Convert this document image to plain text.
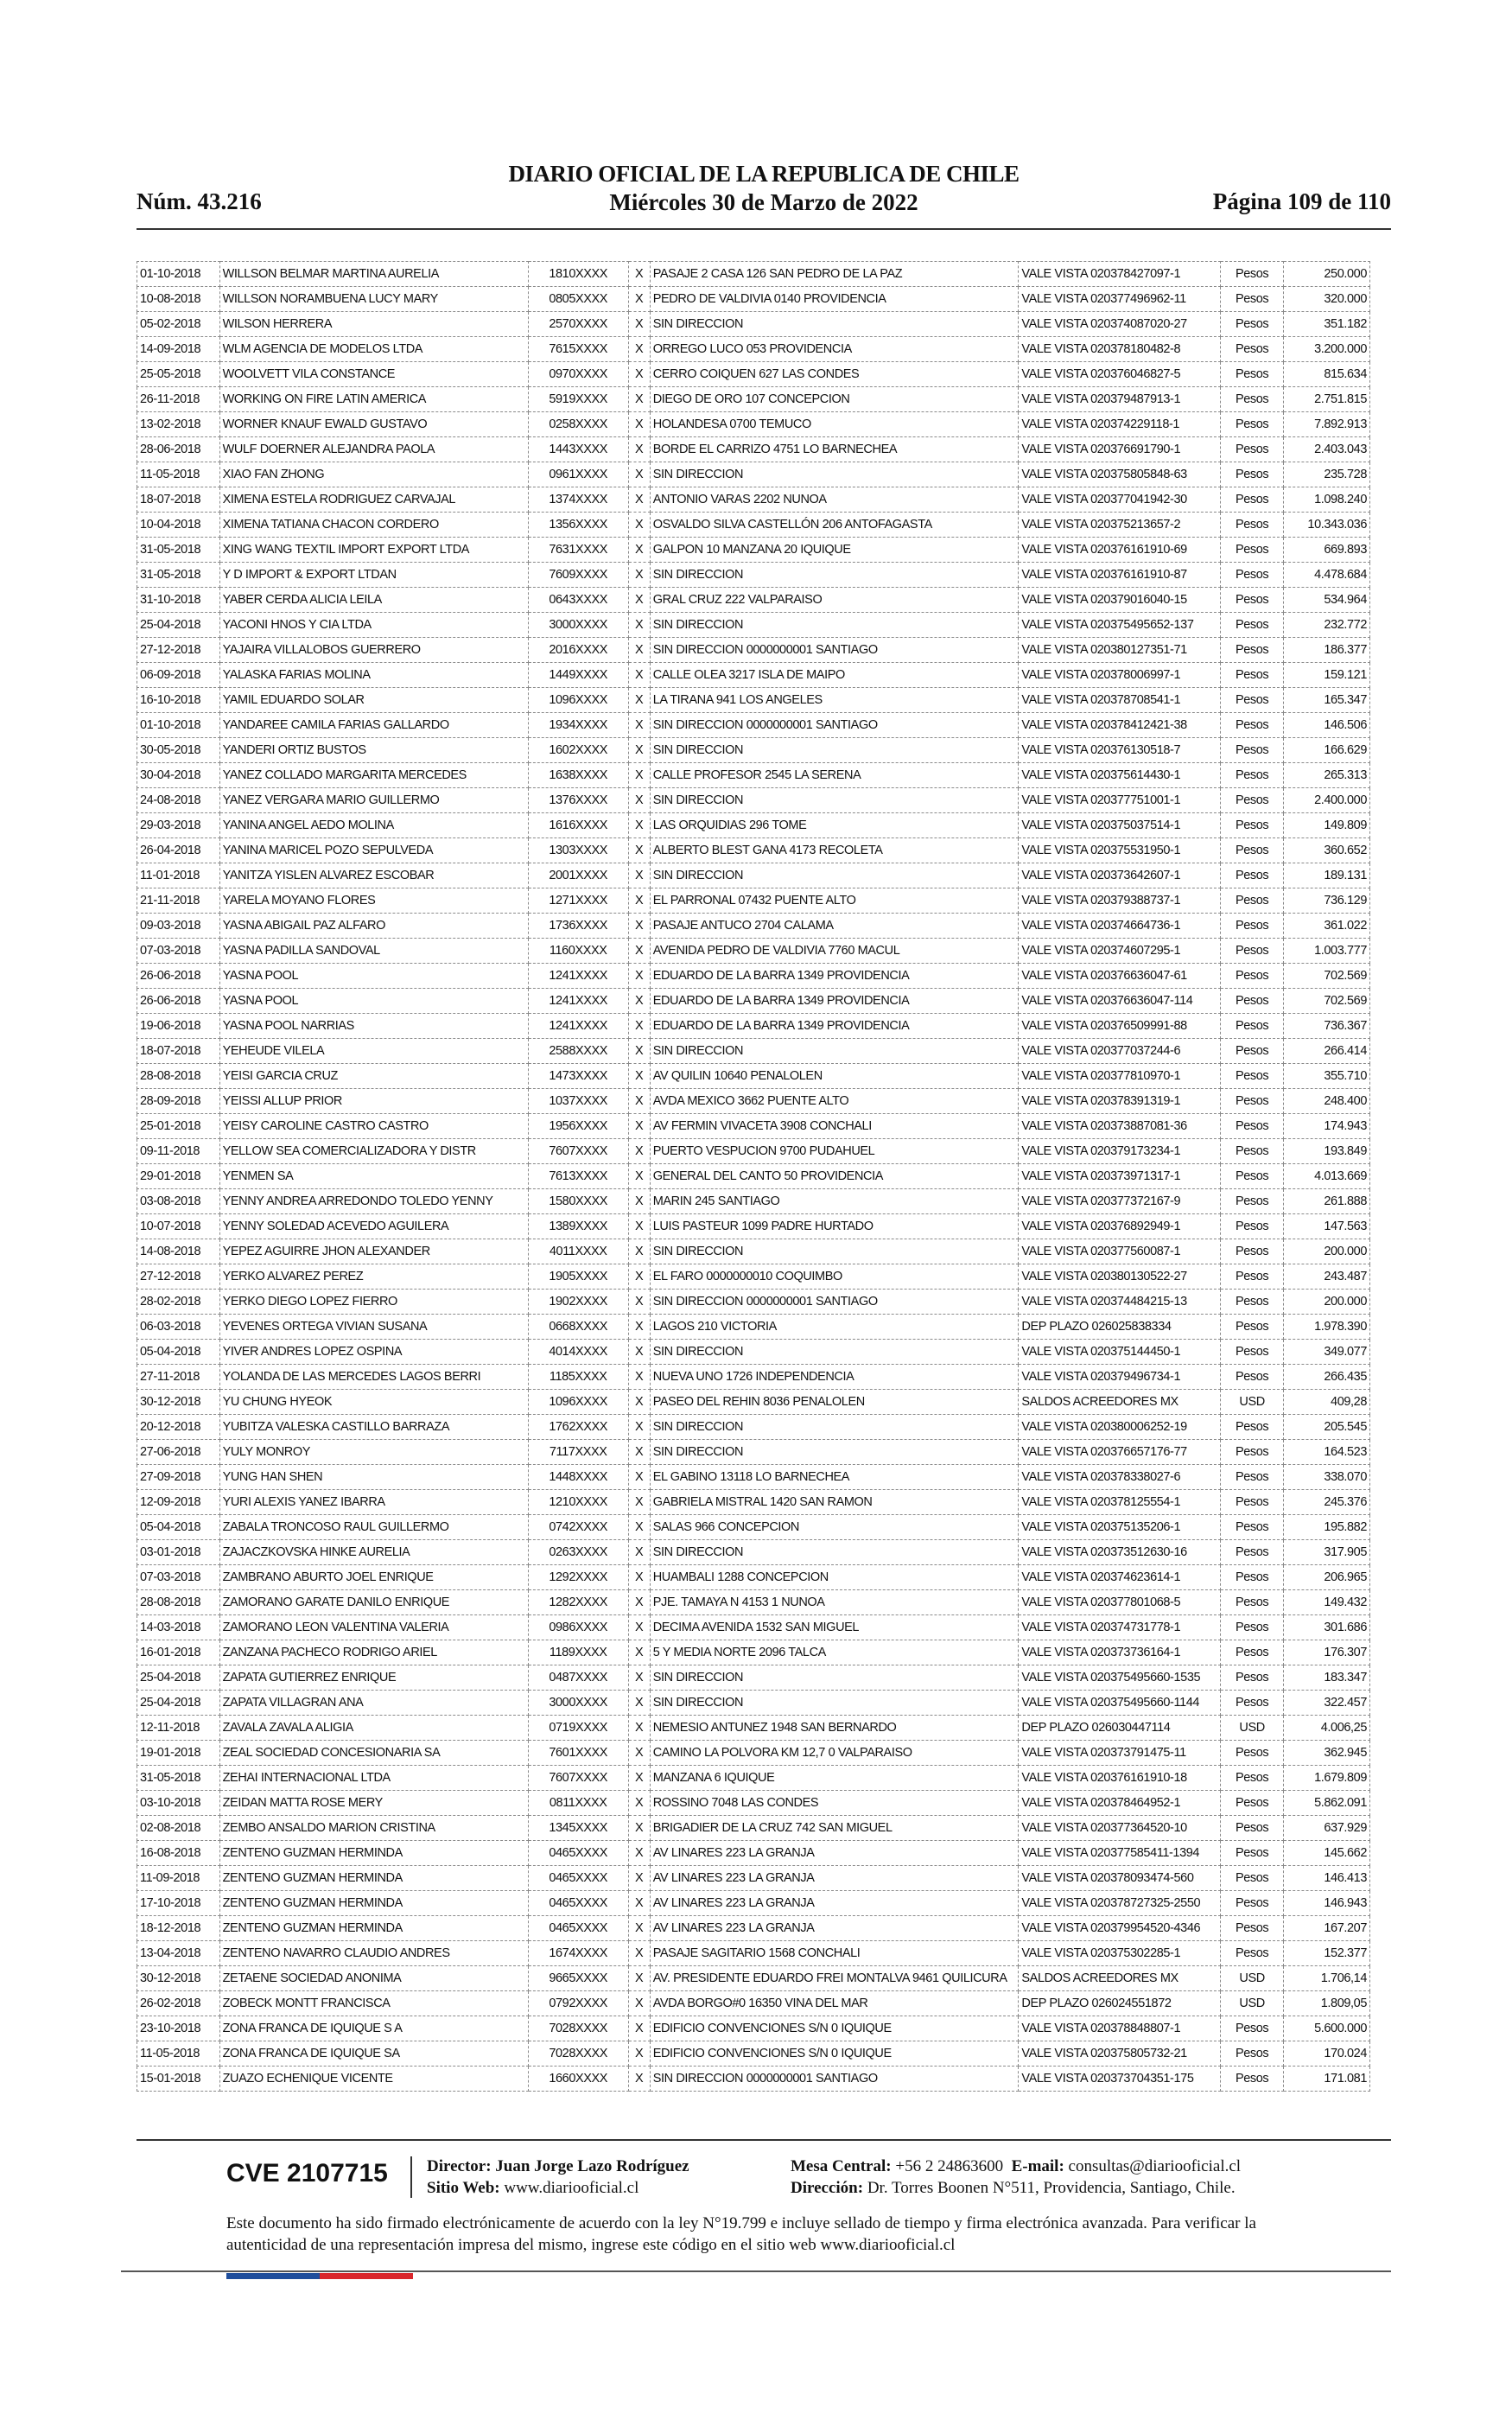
Núm. 43.216
DIARIO OFICIAL DE LA REPUBLICA DE CHILE
Miércoles 30 de Marzo de 2022	Página 109 de 110
01-10-2018	WILLSON BELMAR MARTINA AURELIA	1810XXXX	X	PASAJE 2 CASA 126 SAN PEDRO DE LA PAZ	VALE VISTA 020378427097-1	Pesos	250.000
10-08-2018	WILLSON NORAMBUENA LUCY MARY	0805XXXX	X	PEDRO DE VALDIVIA 0140 PROVIDENCIA	VALE VISTA 020377496962-11	Pesos	320.000
05-02-2018	WILSON HERRERA	2570XXXX	X	SIN DIRECCION	VALE VISTA 020374087020-27	Pesos	351.182
14-09-2018	WLM AGENCIA DE MODELOS LTDA	7615XXXX	X	ORREGO LUCO 053 PROVIDENCIA	VALE VISTA 020378180482-8	Pesos	3.200.000
25-05-2018	WOOLVETT VILA CONSTANCE	0970XXXX	X	CERRO COIQUEN 627 LAS CONDES	VALE VISTA 020376046827-5	Pesos	815.634
26-11-2018	WORKING ON FIRE LATIN AMERICA	5919XXXX	X	DIEGO DE ORO 107 CONCEPCION	VALE VISTA 020379487913-1	Pesos	2.751.815
13-02-2018	WORNER KNAUF EWALD GUSTAVO	0258XXXX	X	HOLANDESA 0700 TEMUCO	VALE VISTA 020374229118-1	Pesos	7.892.913
28-06-2018	WULF DOERNER ALEJANDRA PAOLA	1443XXXX	X	BORDE EL CARRIZO 4751 LO BARNECHEA	VALE VISTA 020376691790-1	Pesos	2.403.043
11-05-2018	XIAO FAN ZHONG	0961XXXX	X	SIN DIRECCION	VALE VISTA 020375805848-63	Pesos	235.728
18-07-2018	XIMENA ESTELA RODRIGUEZ CARVAJAL	1374XXXX	X	ANTONIO VARAS 2202 NUNOA	VALE VISTA 020377041942-30	Pesos	1.098.240
10-04-2018	XIMENA TATIANA CHACON CORDERO	1356XXXX	X	OSVALDO SILVA CASTELLÓN 206 ANTOFAGASTA	VALE VISTA 020375213657-2	Pesos	10.343.036
31-05-2018	XING WANG TEXTIL IMPORT EXPORT LTDA	7631XXXX	X	GALPON 10 MANZANA 20 IQUIQUE	VALE VISTA 020376161910-69	Pesos	669.893
31-05-2018	Y D IMPORT & EXPORT LTDAN	7609XXXX	X	SIN DIRECCION	VALE VISTA 020376161910-87	Pesos	4.478.684
31-10-2018	YABER CERDA ALICIA LEILA	0643XXXX	X	GRAL CRUZ 222 VALPARAISO	VALE VISTA 020379016040-15	Pesos	534.964
25-04-2018	YACONI HNOS Y CIA LTDA	3000XXXX	X	SIN DIRECCION	VALE VISTA 020375495652-137	Pesos	232.772
27-12-2018	YAJAIRA VILLALOBOS GUERRERO	2016XXXX	X	SIN DIRECCION 0000000001 SANTIAGO	VALE VISTA 020380127351-71	Pesos	186.377
06-09-2018	YALASKA FARIAS MOLINA	1449XXXX	X	CALLE OLEA 3217 ISLA DE MAIPO	VALE VISTA 020378006997-1	Pesos	159.121
16-10-2018	YAMIL EDUARDO SOLAR	1096XXXX	X	LA TIRANA 941 LOS ANGELES	VALE VISTA 020378708541-1	Pesos	165.347
01-10-2018	YANDAREE CAMILA FARIAS GALLARDO	1934XXXX	X	SIN DIRECCION 0000000001 SANTIAGO	VALE VISTA 020378412421-38	Pesos	146.506
30-05-2018	YANDERI ORTIZ BUSTOS	1602XXXX	X	SIN DIRECCION	VALE VISTA 020376130518-7	Pesos	166.629
30-04-2018	YANEZ COLLADO MARGARITA MERCEDES	1638XXXX	X	CALLE PROFESOR 2545 LA SERENA	VALE VISTA 020375614430-1	Pesos	265.313
24-08-2018	YANEZ VERGARA MARIO GUILLERMO	1376XXXX	X	SIN DIRECCION	VALE VISTA 020377751001-1	Pesos	2.400.000
29-03-2018	YANINA ANGEL AEDO MOLINA	1616XXXX	X	LAS ORQUIDIAS 296 TOME	VALE VISTA 020375037514-1	Pesos	149.809
26-04-2018	YANINA MARICEL POZO SEPULVEDA	1303XXXX	X	ALBERTO BLEST GANA 4173 RECOLETA	VALE VISTA 020375531950-1	Pesos	360.652
11-01-2018	YANITZA YISLEN ALVAREZ ESCOBAR	2001XXXX	X	SIN DIRECCION	VALE VISTA 020373642607-1	Pesos	189.131
21-11-2018	YARELA MOYANO FLORES	1271XXXX	X	EL PARRONAL 07432 PUENTE ALTO	VALE VISTA 020379388737-1	Pesos	736.129
09-03-2018	YASNA ABIGAIL PAZ ALFARO	1736XXXX	X	PASAJE ANTUCO 2704 CALAMA	VALE VISTA 020374664736-1	Pesos	361.022
07-03-2018	YASNA PADILLA SANDOVAL	1160XXXX	X	AVENIDA PEDRO DE VALDIVIA 7760 MACUL	VALE VISTA 020374607295-1	Pesos	1.003.777
26-06-2018	YASNA POOL	1241XXXX	X	EDUARDO DE LA BARRA 1349 PROVIDENCIA	VALE VISTA 020376636047-61	Pesos	702.569
26-06-2018	YASNA POOL	1241XXXX	X	EDUARDO DE LA BARRA 1349 PROVIDENCIA	VALE VISTA 020376636047-114	Pesos	702.569
19-06-2018	YASNA POOL NARRIAS	1241XXXX	X	EDUARDO DE LA BARRA 1349 PROVIDENCIA	VALE VISTA 020376509991-88	Pesos	736.367
18-07-2018	YEHEUDE VILELA	2588XXXX	X	SIN DIRECCION	VALE VISTA 020377037244-6	Pesos	266.414
28-08-2018	YEISI GARCIA CRUZ	1473XXXX	X	AV QUILIN 10640 PENALOLEN	VALE VISTA 020377810970-1	Pesos	355.710
28-09-2018	YEISSI ALLUP PRIOR	1037XXXX	X	AVDA MEXICO 3662 PUENTE ALTO	VALE VISTA 020378391319-1	Pesos	248.400
25-01-2018	YEISY CAROLINE CASTRO CASTRO	1956XXXX	X	AV FERMIN VIVACETA 3908 CONCHALI	VALE VISTA 020373887081-36	Pesos	174.943
09-11-2018	YELLOW SEA COMERCIALIZADORA Y DISTR	7607XXXX	X	PUERTO VESPUCION 9700 PUDAHUEL	VALE VISTA 020379173234-1	Pesos	193.849
29-01-2018	YENMEN SA	7613XXXX	X	GENERAL DEL CANTO 50 PROVIDENCIA	VALE VISTA 020373971317-1	Pesos	4.013.669
03-08-2018	YENNY ANDREA ARREDONDO TOLEDO YENNY	1580XXXX	X	MARIN 245 SANTIAGO	VALE VISTA 020377372167-9	Pesos	261.888
10-07-2018	YENNY SOLEDAD ACEVEDO AGUILERA	1389XXXX	X	LUIS PASTEUR 1099 PADRE HURTADO	VALE VISTA 020376892949-1	Pesos	147.563
14-08-2018	YEPEZ AGUIRRE JHON ALEXANDER	4011XXXX	X	SIN DIRECCION	VALE VISTA 020377560087-1	Pesos	200.000
27-12-2018	YERKO ALVAREZ PEREZ	1905XXXX	X	EL FARO 0000000010 COQUIMBO	VALE VISTA 020380130522-27	Pesos	243.487
28-02-2018	YERKO DIEGO LOPEZ FIERRO	1902XXXX	X	SIN DIRECCION 0000000001 SANTIAGO	VALE VISTA 020374484215-13	Pesos	200.000
06-03-2018	YEVENES ORTEGA VIVIAN SUSANA	0668XXXX	X	LAGOS 210 VICTORIA	DEP PLAZO 026025838334	Pesos	1.978.390
05-04-2018	YIVER ANDRES LOPEZ OSPINA	4014XXXX	X	SIN DIRECCION	VALE VISTA 020375144450-1	Pesos	349.077
27-11-2018	YOLANDA DE LAS MERCEDES LAGOS BERRI	1185XXXX	X	NUEVA UNO 1726 INDEPENDENCIA	VALE VISTA 020379496734-1	Pesos	266.435
30-12-2018	YU CHUNG HYEOK	1096XXXX	X	PASEO DEL REHIN 8036 PENALOLEN	SALDOS ACREEDORES MX	USD	409,28
20-12-2018	YUBITZA VALESKA CASTILLO BARRAZA	1762XXXX	X	SIN DIRECCION	VALE VISTA 020380006252-19	Pesos	205.545
27-06-2018	YULY MONROY	7117XXXX	X	SIN DIRECCION	VALE VISTA 020376657176-77	Pesos	164.523
27-09-2018	YUNG HAN SHEN	1448XXXX	X	EL GABINO 13118 LO BARNECHEA	VALE VISTA 020378338027-6	Pesos	338.070
12-09-2018	YURI ALEXIS YANEZ IBARRA	1210XXXX	X	GABRIELA MISTRAL 1420 SAN RAMON	VALE VISTA 020378125554-1	Pesos	245.376
05-04-2018	ZABALA TRONCOSO RAUL GUILLERMO	0742XXXX	X	SALAS 966 CONCEPCION	VALE VISTA 020375135206-1	Pesos	195.882
03-01-2018	ZAJACZKOVSKA HINKE AURELIA	0263XXXX	X	SIN DIRECCION	VALE VISTA 020373512630-16	Pesos	317.905
07-03-2018	ZAMBRANO ABURTO JOEL ENRIQUE	1292XXXX	X	HUAMBALI 1288 CONCEPCION	VALE VISTA 020374623614-1	Pesos	206.965
28-08-2018	ZAMORANO GARATE DANILO ENRIQUE	1282XXXX	X	PJE. TAMAYA N 4153 1 NUNOA	VALE VISTA 020377801068-5	Pesos	149.432
14-03-2018	ZAMORANO LEON VALENTINA VALERIA	0986XXXX	X	DECIMA AVENIDA 1532 SAN MIGUEL	VALE VISTA 020374731778-1	Pesos	301.686
16-01-2018	ZANZANA PACHECO RODRIGO ARIEL	1189XXXX	X	5 Y MEDIA NORTE 2096 TALCA	VALE VISTA 020373736164-1	Pesos	176.307
25-04-2018	ZAPATA GUTIERREZ ENRIQUE	0487XXXX	X	SIN DIRECCION	VALE VISTA 020375495660-1535	Pesos	183.347
25-04-2018	ZAPATA VILLAGRAN ANA	3000XXXX	X	SIN DIRECCION	VALE VISTA 020375495660-1144	Pesos	322.457
12-11-2018	ZAVALA ZAVALA ALIGIA	0719XXXX	X	NEMESIO ANTUNEZ 1948 SAN BERNARDO	DEP PLAZO 026030447114	USD	4.006,25
19-01-2018	ZEAL SOCIEDAD CONCESIONARIA SA	7601XXXX	X	CAMINO LA POLVORA KM 12,7 0 VALPARAISO	VALE VISTA 020373791475-11	Pesos	362.945
31-05-2018	ZEHAI INTERNACIONAL LTDA	7607XXXX	X	MANZANA 6 IQUIQUE	VALE VISTA 020376161910-18	Pesos	1.679.809
03-10-2018	ZEIDAN MATTA ROSE MERY	0811XXXX	X	ROSSINO 7048 LAS CONDES	VALE VISTA 020378464952-1	Pesos	5.862.091
02-08-2018	ZEMBO ANSALDO MARION CRISTINA	1345XXXX	X	BRIGADIER DE LA CRUZ 742 SAN MIGUEL	VALE VISTA 020377364520-10	Pesos	637.929
16-08-2018	ZENTENO GUZMAN HERMINDA	0465XXXX	X	AV LINARES 223 LA GRANJA	VALE VISTA 020377585411-1394	Pesos	145.662
11-09-2018	ZENTENO GUZMAN HERMINDA	0465XXXX	X	AV LINARES 223 LA GRANJA	VALE VISTA 020378093474-560	Pesos	146.413
17-10-2018	ZENTENO GUZMAN HERMINDA	0465XXXX	X	AV LINARES 223 LA GRANJA	VALE VISTA 020378727325-2550	Pesos	146.943
18-12-2018	ZENTENO GUZMAN HERMINDA	0465XXXX	X	AV LINARES 223 LA GRANJA	VALE VISTA 020379954520-4346	Pesos	167.207
13-04-2018	ZENTENO NAVARRO CLAUDIO ANDRES	1674XXXX	X	PASAJE SAGITARIO 1568 CONCHALI	VALE VISTA 020375302285-1	Pesos	152.377
30-12-2018	ZETAENE SOCIEDAD ANONIMA	9665XXXX	X	AV. PRESIDENTE EDUARDO FREI MONTALVA 9461 QUILICURA	SALDOS ACREEDORES MX	USD	1.706,14
26-02-2018	ZOBECK MONTT FRANCISCA	0792XXXX	X	AVDA BORGO#0 16350 VINA DEL MAR	DEP PLAZO 026024551872	USD	1.809,05
23-10-2018	ZONA FRANCA DE IQUIQUE S A	7028XXXX	X	EDIFICIO CONVENCIONES S/N 0 IQUIQUE	VALE VISTA 020378848807-1	Pesos	5.600.000
11-05-2018	ZONA FRANCA DE IQUIQUE SA	7028XXXX	X	EDIFICIO CONVENCIONES S/N 0 IQUIQUE	VALE VISTA 020375805732-21	Pesos	170.024
15-01-2018	ZUAZO ECHENIQUE VICENTE	1660XXXX	X	SIN DIRECCION 0000000001 SANTIAGO	VALE VISTA 020373704351-175	Pesos	171.081
CVE 2107715 Director: Juan Jorge Lazo Rodríguez
Sitio Web: www.diariooficial.cl
Mesa Central: +56 2 24863600 E-mail: consultas@diariooficial.cl
Dirección: Dr. Torres Boonen N°511, Providencia, Santiago, Chile.
Este documento ha sido firmado electrónicamente de acuerdo con la ley N°19.799 e incluye sellado de tiempo y firma electrónica avanzada. Para verificar la autenticidad de una representación impresa del mismo, ingrese este código en el sitio web www.diariooficial.cl
